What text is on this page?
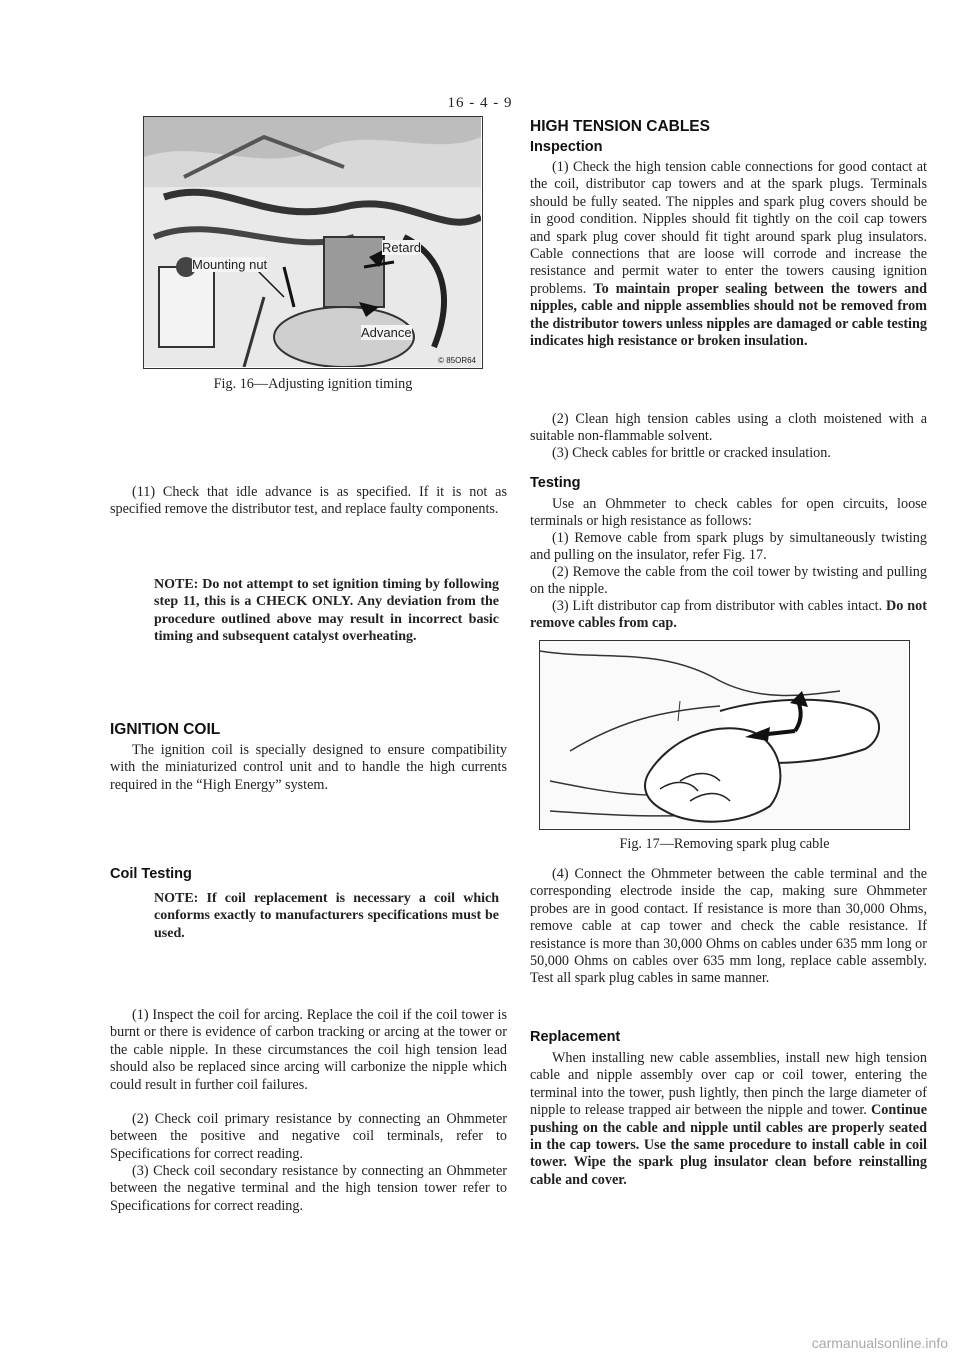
16 - 4 - 9
Mounting nut
Retard
Advance
© 85OR64
Fig. 16—Adjusting ignition timing

(11) Check that idle advance is as specified. If it is not as specified remove the distributor test, and replace faulty components.

NOTE: Do not attempt to set ignition timing by following step 11, this is a CHECK ONLY. Any deviation from the procedure outlined above may result in incorrect basic timing and subsequent catalyst overheating.

IGNITION COIL

The ignition coil is specially designed to ensure compatibility with the miniaturized control unit and to handle the high currents required in the “High Energy” system.

Coil Testing

NOTE: If coil replacement is necessary a coil which conforms exactly to manufacturers specifications must be used.

(1) Inspect the coil for arcing. Replace the coil if the coil tower is burnt or there is evidence of carbon tracking or arcing at the tower or the cable nipple. In these circumstances the coil high tension lead should also be replaced since arcing will carbonize the nipple which could result in further coil failures.

(2) Check coil primary resistance by connecting an Ohmmeter between the positive and negative coil terminals, refer to Specifications for correct reading.

(3) Check coil secondary resistance by connecting an Ohmmeter between the negative terminal and the high tension tower refer to Specifications for correct reading.

HIGH TENSION CABLES
Inspection

(1) Check the high tension cable connections for good contact at the coil, distributor cap towers and at the spark plugs. Terminals should be fully seated. The nipples and spark plug covers should be in good condition. Nipples should fit tightly on the coil cap towers and spark plug cover should fit tight around spark plug insulators. Cable connections that are loose will corrode and increase the resistance and permit water to enter the towers causing ignition problems. To maintain proper sealing between the towers and nipples, cable and nipple assemblies should not be removed from the distributor towers unless nipples are damaged or cable testing indicates high resistance or broken insulation.

(2) Clean high tension cables using a cloth moistened with a suitable non-flammable solvent.

(3) Check cables for brittle or cracked insulation.

Testing

Use an Ohmmeter to check cables for open circuits, loose terminals or high resistance as follows:

(1) Remove cable from spark plugs by simultaneously twisting and pulling on the insulator, refer Fig. 17.

(2) Remove the cable from the coil tower by twisting and pulling on the nipple.

(3) Lift distributor cap from distributor with cables intact. Do not remove cables from cap.

Fig. 17—Removing spark plug cable

(4) Connect the Ohmmeter between the cable terminal and the corresponding electrode inside the cap, making sure Ohmmeter probes are in good contact. If resistance is more than 30,000 Ohms, remove cable at cap tower and check the cable resistance. If resistance is more than 30,000 Ohms on cables under 635 mm long or 50,000 Ohms on cables over 635 mm long, replace cable assembly. Test all spark plug cables in same manner.

Replacement

When installing new cable assemblies, install new high tension cable and nipple assembly over cap or coil tower, entering the terminal into the tower, push lightly, then pinch the large diameter of nipple to release trapped air between the nipple and tower. Continue pushing on the cable and nipple until cables are properly seated in the cap towers. Use the same procedure to install cable in coil tower. Wipe the spark plug insulator clean before reinstalling cable and cover.

carmanualsonline.info
